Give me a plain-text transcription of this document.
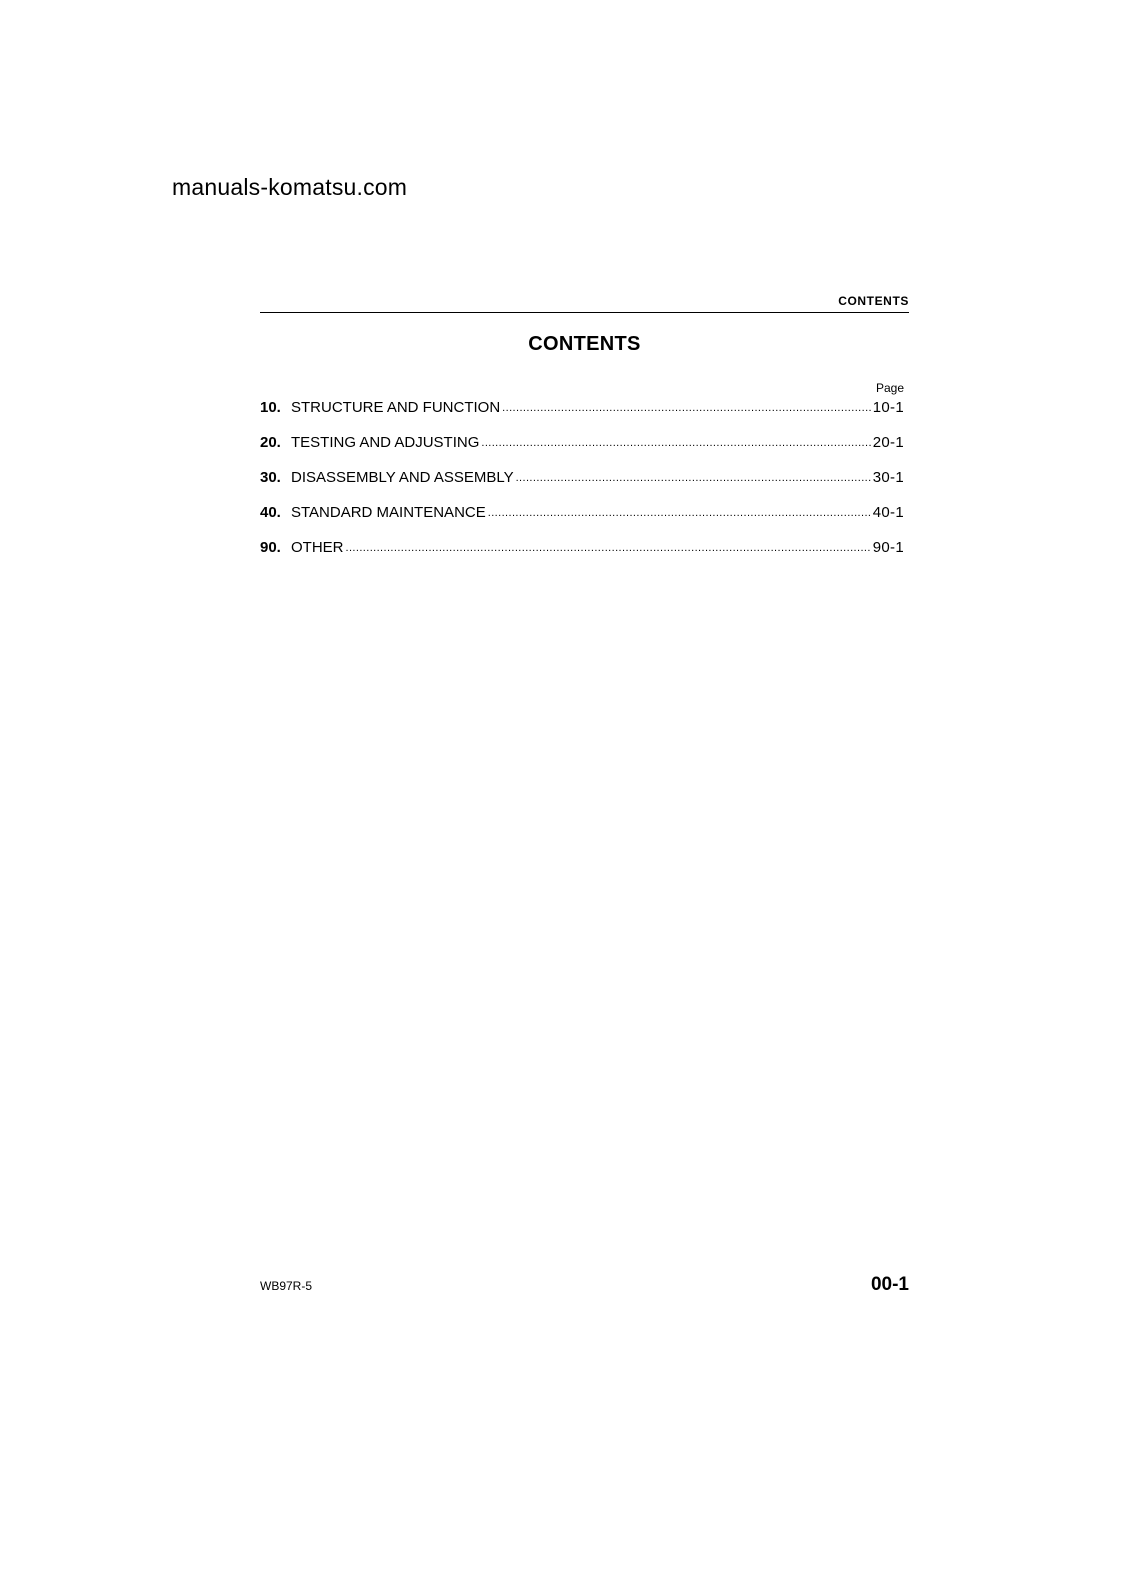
manuals-komatsu.com
CONTENTS
CONTENTS
Page
10. STRUCTURE AND FUNCTION .....	10-1
20. TESTING AND ADJUSTING .....	20-1
30. DISASSEMBLY AND ASSEMBLY .....	30-1
40. STANDARD MAINTENANCE .....	40-1
90. OTHER .....	90-1
WB97R-5	00-1
